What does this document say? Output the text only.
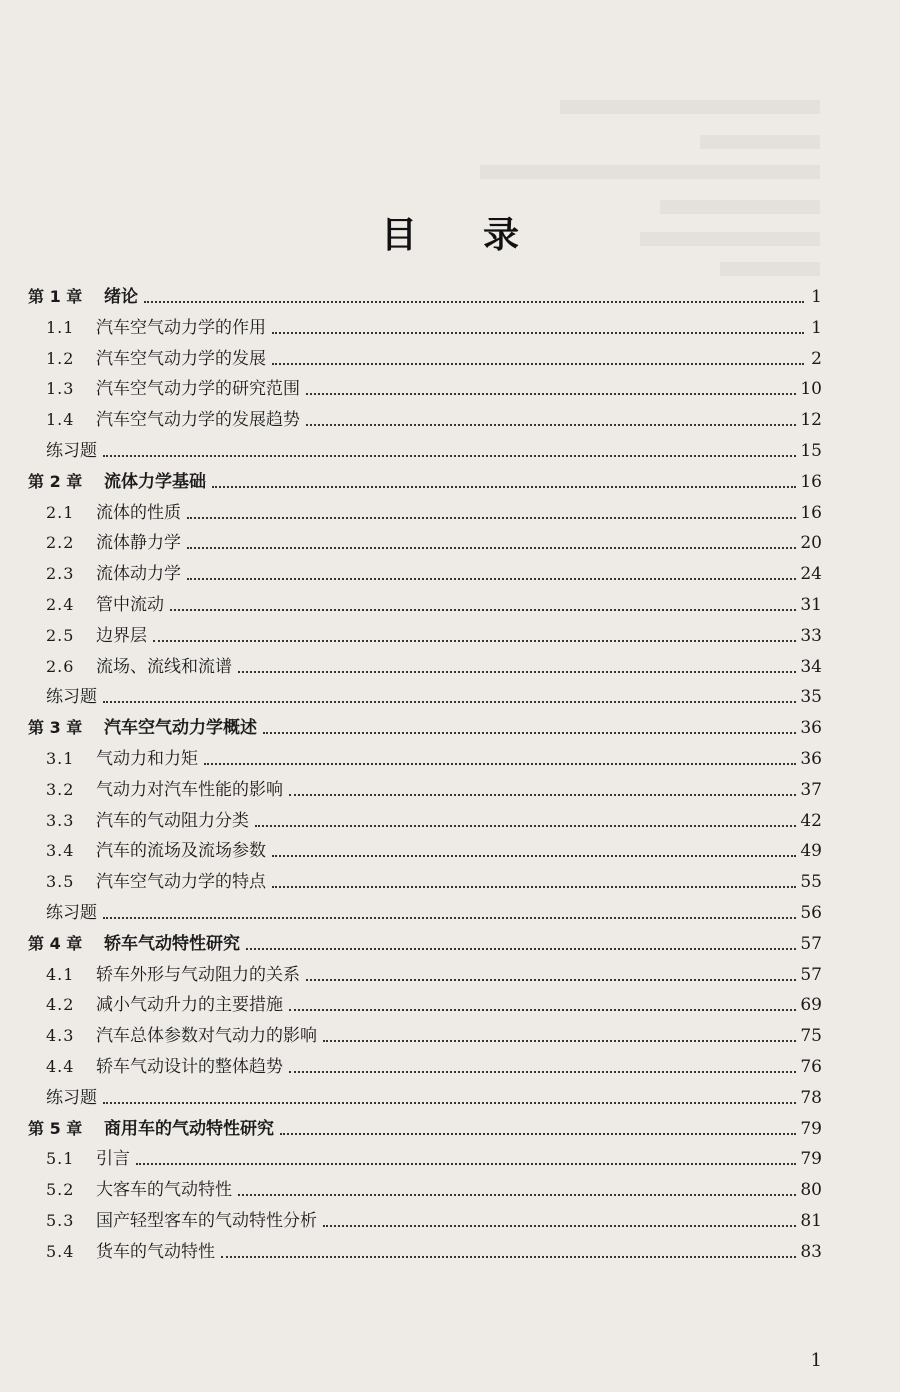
目录
第 1 章	绪论	1
1.1	汽车空气动力学的作用	1
1.2	汽车空气动力学的发展	2
1.3	汽车空气动力学的研究范围	10
1.4	汽车空气动力学的发展趋势	12
练习题	15
第 2 章	流体力学基础	16
2.1	流体的性质	16
2.2	流体静力学	20
2.3	流体动力学	24
2.4	管中流动	31
2.5	边界层	33
2.6	流场、流线和流谱	34
练习题	35
第 3 章	汽车空气动力学概述	36
3.1	气动力和力矩	36
3.2	气动力对汽车性能的影响	37
3.3	汽车的气动阻力分类	42
3.4	汽车的流场及流场参数	49
3.5	汽车空气动力学的特点	55
练习题	56
第 4 章	轿车气动特性研究	57
4.1	轿车外形与气动阻力的关系	57
4.2	减小气动升力的主要措施	69
4.3	汽车总体参数对气动力的影响	75
4.4	轿车气动设计的整体趋势	76
练习题	78
第 5 章	商用车的气动特性研究	79
5.1	引言	79
5.2	大客车的气动特性	80
5.3	国产轻型客车的气动特性分析	81
5.4	货车的气动特性	83
1
